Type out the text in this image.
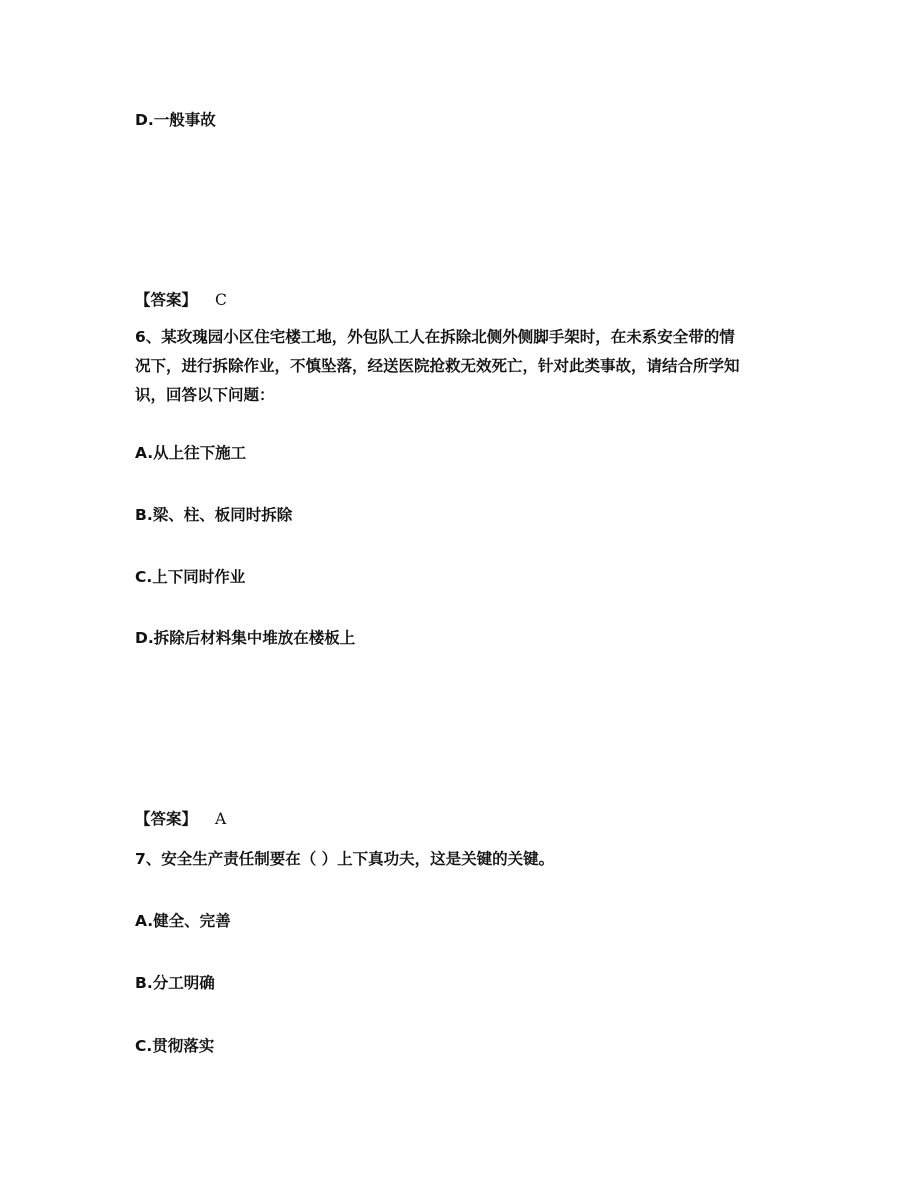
D.一般事故
【答案】 C
6、某玫瑰园小区住宅楼工地，外包队工人在拆除北侧外侧脚手架时，在未系安全带的情
况下，进行拆除作业，不慎坠落，经送医院抢救无效死亡，针对此类事故，请结合所学知
识，回答以下问题：
A.从上往下施工
B.梁、柱、板同时拆除
C.上下同时作业
D.拆除后材料集中堆放在楼板上
【答案】 A
7、安全生产责任制要在（ ）上下真功夫，这是关键的关键。
A.健全、完善
B.分工明确
C.贯彻落实
